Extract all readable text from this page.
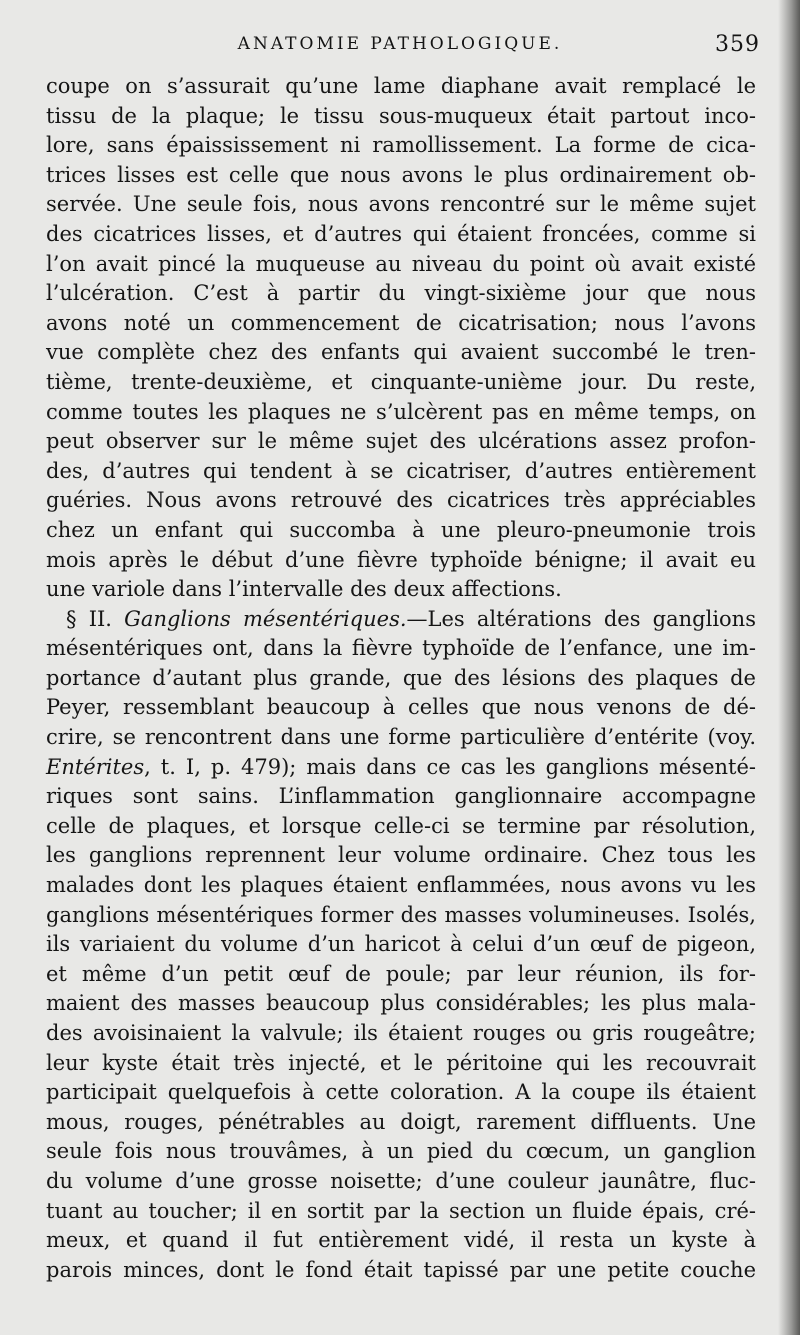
ANATOMIE PATHOLOGIQUE.	359
coupe on s’assurait qu’une lame diaphane avait remplacé le
tissu de la plaque; le tissu sous-muqueux était partout inco-
lore, sans épaississement ni ramollissement. La forme de cica-
trices lisses est celle que nous avons le plus ordinairement ob-
servée. Une seule fois, nous avons rencontré sur le même sujet
des cicatrices lisses, et d’autres qui étaient froncées, comme si
l’on avait pincé la muqueuse au niveau du point où avait existé
l’ulcération. C’est à partir du vingt-sixième jour que nous
avons noté un commencement de cicatrisation; nous l’avons
vue complète chez des enfants qui avaient succombé le tren-
tième, trente-deuxième, et cinquante-unième jour. Du reste,
comme toutes les plaques ne s’ulcèrent pas en même temps, on
peut observer sur le même sujet des ulcérations assez profon-
des, d’autres qui tendent à se cicatriser, d’autres entièrement
guéries. Nous avons retrouvé des cicatrices très appréciables
chez un enfant qui succomba à une pleuro-pneumonie trois
mois après le début d’une fièvre typhoïde bénigne; il avait eu
une variole dans l’intervalle des deux affections.
§ II. Ganglions mésentériques.—Les altérations des ganglions
mésentériques ont, dans la fièvre typhoïde de l’enfance, une im-
portance d’autant plus grande, que des lésions des plaques de
Peyer, ressemblant beaucoup à celles que nous venons de dé-
crire, se rencontrent dans une forme particulière d’entérite (voy.
Entérites, t. I, p. 479); mais dans ce cas les ganglions mésenté-
riques sont sains. L’inflammation ganglionnaire accompagne
celle de plaques, et lorsque celle-ci se termine par résolution,
les ganglions reprennent leur volume ordinaire. Chez tous les
malades dont les plaques étaient enflammées, nous avons vu les
ganglions mésentériques former des masses volumineuses. Isolés,
ils variaient du volume d’un haricot à celui d’un œuf de pigeon,
et même d’un petit œuf de poule; par leur réunion, ils for-
maient des masses beaucoup plus considérables; les plus mala-
des avoisinaient la valvule; ils étaient rouges ou gris rougeâtre;
leur kyste était très injecté, et le péritoine qui les recouvrait
participait quelquefois à cette coloration. A la coupe ils étaient
mous, rouges, pénétrables au doigt, rarement diffluents. Une
seule fois nous trouvâmes, à un pied du cœcum, un ganglion
du volume d’une grosse noisette; d’une couleur jaunâtre, fluc-
tuant au toucher; il en sortit par la section un fluide épais, cré-
meux, et quand il fut entièrement vidé, il resta un kyste à
parois minces, dont le fond était tapissé par une petite couche
